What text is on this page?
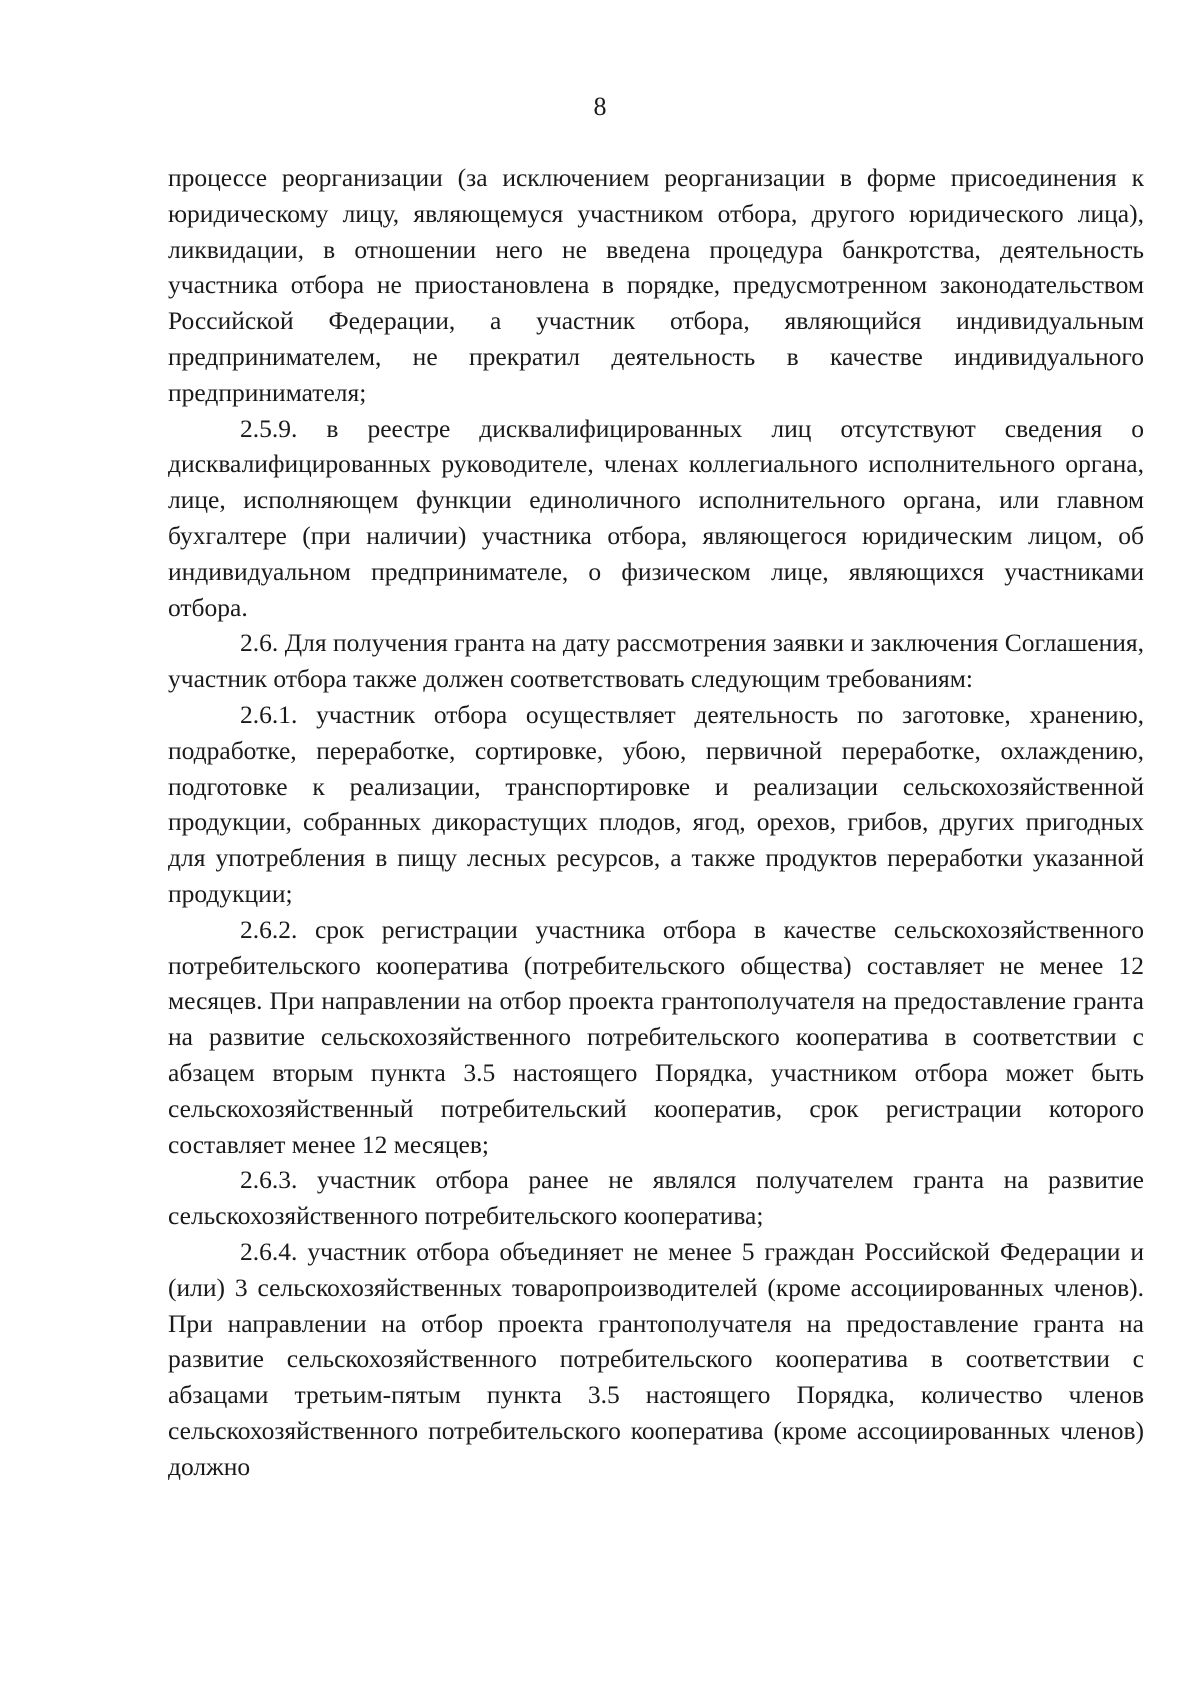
8

процессе реорганизации (за исключением реорганизации в форме присоединения к юридическому лицу, являющемуся участником отбора, другого юридического лица), ликвидации, в отношении него не введена процедура банкротства, деятельность участника отбора не приостановлена в порядке, предусмотренном законодательством Российской Федерации, а участник отбора, являющийся индивидуальным предпринимателем, не прекратил деятельность в качестве индивидуального предпринимателя;

2.5.9. в реестре дисквалифицированных лиц отсутствуют сведения о дисквалифицированных руководителе, членах коллегиального исполнительного органа, лице, исполняющем функции единоличного исполнительного органа, или главном бухгалтере (при наличии) участника отбора, являющегося юридическим лицом, об индивидуальном предпринимателе, о физическом лице, являющихся участниками отбора.

2.6. Для получения гранта на дату рассмотрения заявки и заключения Соглашения, участник отбора также должен соответствовать следующим требованиям:

2.6.1. участник отбора осуществляет деятельность по заготовке, хранению, подработке, переработке, сортировке, убою, первичной переработке, охлаждению, подготовке к реализации, транспортировке и реализации сельскохозяйственной продукции, собранных дикорастущих плодов, ягод, орехов, грибов, других пригодных для употребления в пищу лесных ресурсов, а также продуктов переработки указанной продукции;

2.6.2. срок регистрации участника отбора в качестве сельскохозяйственного потребительского кооператива (потребительского общества) составляет не менее 12 месяцев. При направлении на отбор проекта грантополучателя на предоставление гранта на развитие сельскохозяйственного потребительского кооператива в соответствии с абзацем вторым пункта 3.5 настоящего Порядка, участником отбора может быть сельскохозяйственный потребительский кооператив, срок регистрации которого составляет менее 12 месяцев;

2.6.3. участник отбора ранее не являлся получателем гранта на развитие сельскохозяйственного потребительского кооператива;

2.6.4. участник отбора объединяет не менее 5 граждан Российской Федерации и (или) 3 сельскохозяйственных товаропроизводителей (кроме ассоциированных членов). При направлении на отбор проекта грантополучателя на предоставление гранта на развитие сельскохозяйственного потребительского кооператива в соответствии с абзацами третьим-пятым пункта 3.5 настоящего Порядка, количество членов сельскохозяйственного потребительского кооператива (кроме ассоциированных членов) должно
